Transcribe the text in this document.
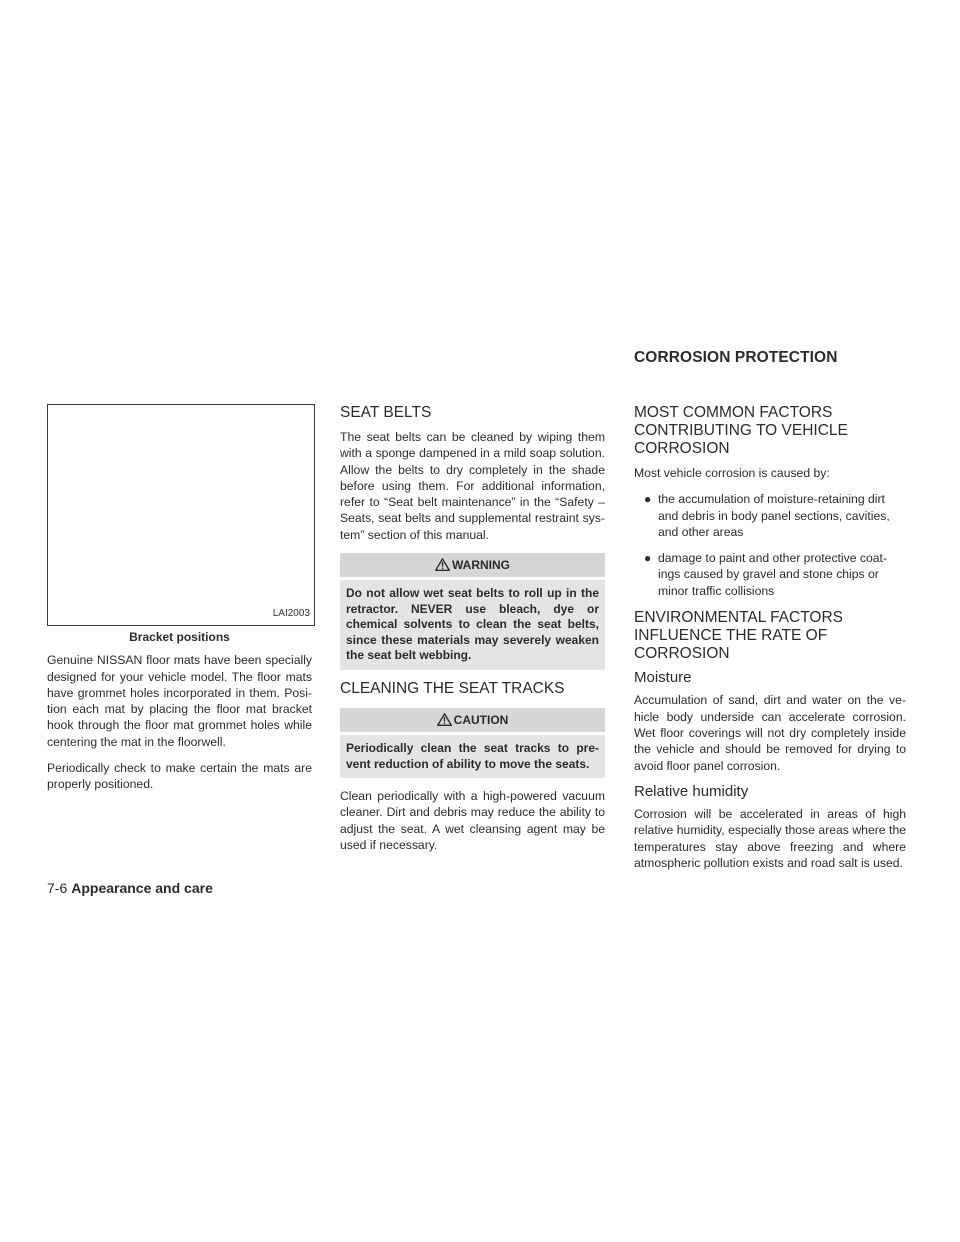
CORROSION PROTECTION
LAI2003
Bracket positions

Genuine NISSAN floor mats have been specially designed for your vehicle model. The floor mats have grommet holes incorporated in them. Posi- tion each mat by placing the floor mat bracket hook through the floor mat grommet holes while centering the mat in the floorwell.

Periodically check to make certain the mats are properly positioned.

SEAT BELTS

The seat belts can be cleaned by wiping them with a sponge dampened in a mild soap solution. Allow the belts to dry completely in the shade before using them. For additional information, refer to “Seat belt maintenance” in the “Safety – Seats, seat belts and supplemental restraint sys- tem” section of this manual.

WARNING
Do not allow wet seat belts to roll up in the retractor. NEVER use bleach, dye or chemical solvents to clean the seat belts, since these materials may severely weaken the seat belt webbing.
CLEANING THE SEAT TRACKS
CAUTION
Periodically clean the seat tracks to pre- vent reduction of ability to move the seats.

Clean periodically with a high-powered vacuum cleaner. Dirt and debris may reduce the ability to adjust the seat. A wet cleansing agent may be used if necessary.

MOST COMMON FACTORS CONTRIBUTING TO VEHICLE CORROSION

Most vehicle corrosion is caused by:

● the accumulation of moisture-retaining dirt and debris in body panel sections, cavities, and other areas
● damage to paint and other protective coat- ings caused by gravel and stone chips or minor traffic collisions
ENVIRONMENTAL FACTORS INFLUENCE THE RATE OF CORROSION
Moisture

Accumulation of sand, dirt and water on the ve- hicle body underside can accelerate corrosion. Wet floor coverings will not dry completely inside the vehicle and should be removed for drying to avoid floor panel corrosion.

Relative humidity

Corrosion will be accelerated in areas of high relative humidity, especially those areas where the temperatures stay above freezing and where atmospheric pollution exists and road salt is used.

7-6 Appearance and care
